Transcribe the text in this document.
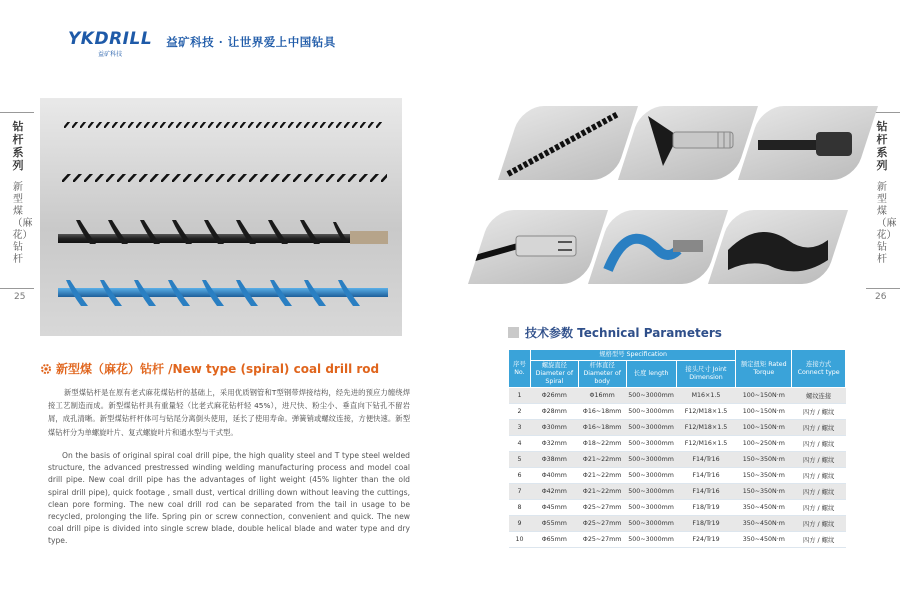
YKDRILL
益矿科技
益矿科技 · 让世界爱上中国钻具
钻杆系列
新型煤（麻花）钻杆
25
钻杆系列
新型煤（麻花）钻杆
26
新型煤（麻花）钻杆 /New type (spiral) coal drill rod
新型煤钻杆是在原有老式麻花煤钻杆的基础上，采用优质钢管和T型钢带焊接结构，经先进的预应力缠绕焊接工艺制造而成。新型煤钻杆具有重量轻（比老式麻花钻杆轻 45%），进尺快、粉尘小、垂直向下钻孔不留岩屑，成孔清晰。新型煤钻杆杆体可与钻尾分离倒头使用，延长了使用寿命。弹簧销或螺纹连接，方便快速。新型煤钻杆分为单螺旋叶片、复式螺旋叶片和通水型与干式型。
On the basis of original spiral coal drill pipe, the high quality steel and T type steel welded structure, the advanced prestressed winding welding manufacturing process and model coal drill pipe. New coal drill pipe has the advantages of light weight (45% lighter than the old spiral drill pipe), quick footage , small dust, vertical drilling down without leaving the cuttings, clean pore forming. The new coal drill rod can be separated from the tail in usage to be recycled, prolonging the life. Spring pin or screw connection, convenient and quick. The new coal drill pipe is divided into single screw blade, double helical blade and water type and dry type.
技术参数 Technical Parameters
序号 No.	规格型号 Specification				额定扭矩 Rated Torque	连接方式 Connect type
	螺旋直径 Diameter of Spiral	杆体直径 Diameter of body	长度 length	接头尺寸 Joint Dimension		
1	Φ26mm	Φ16mm	500~3000mm	M16×1.5	100~150N·m	螺纹连接
2	Φ28mm	Φ16~18mm	500~3000mm	F12/M18×1.5	100~150N·m	四方 / 螺纹
3	Φ30mm	Φ16~18mm	500~3000mm	F12/M18×1.5	100~150N·m	四方 / 螺纹
4	Φ32mm	Φ18~22mm	500~3000mm	F12/M16×1.5	100~250N·m	四方 / 螺纹
5	Φ38mm	Φ21~22mm	500~3000mm	F14/Tr16	150~350N·m	四方 / 螺纹
6	Φ40mm	Φ21~22mm	500~3000mm	F14/Tr16	150~350N·m	四方 / 螺纹
7	Φ42mm	Φ21~22mm	500~3000mm	F14/Tr16	150~350N·m	四方 / 螺纹
8	Φ45mm	Φ25~27mm	500~3000mm	F18/Tr19	350~450N·m	四方 / 螺纹
9	Φ55mm	Φ25~27mm	500~3000mm	F18/Tr19	350~450N·m	四方 / 螺纹
10	Φ65mm	Φ25~27mm	500~3000mm	F24/Tr19	350~450N·m	四方 / 螺纹
